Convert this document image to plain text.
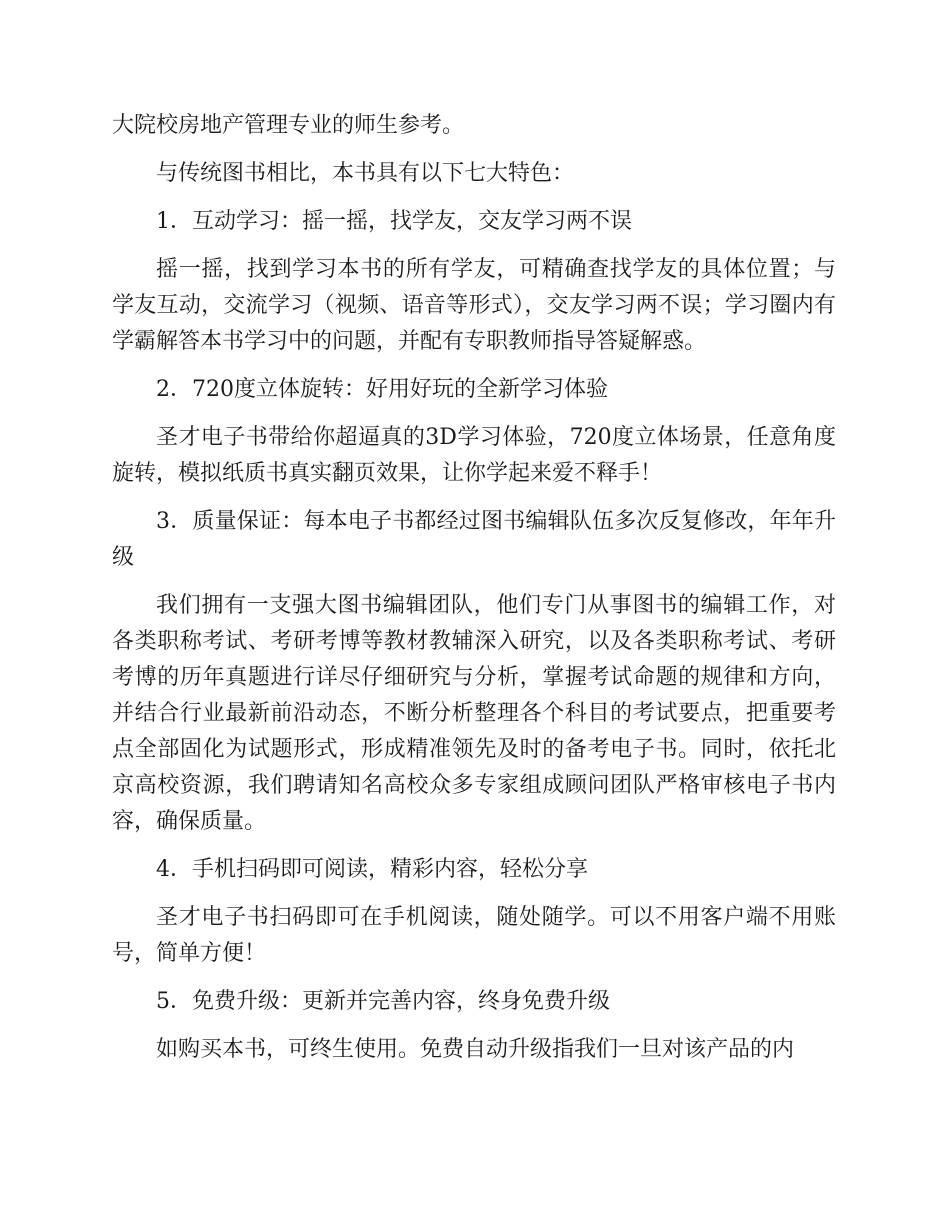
大院校房地产管理专业的师生参考。

与传统图书相比，本书具有以下七大特色：

1．互动学习：摇一摇，找学友，交友学习两不误

摇一摇，找到学习本书的所有学友，可精确查找学友的具体位置；与学友互动，交流学习（视频、语音等形式），交友学习两不误；学习圈内有学霸解答本书学习中的问题，并配有专职教师指导答疑解惑。

2．720度立体旋转：好用好玩的全新学习体验

圣才电子书带给你超逼真的3D学习体验，720度立体场景，任意角度旋转，模拟纸质书真实翻页效果，让你学起来爱不释手！

3．质量保证：每本电子书都经过图书编辑队伍多次反复修改，年年升级

我们拥有一支强大图书编辑团队，他们专门从事图书的编辑工作，对各类职称考试、考研考博等教材教辅深入研究，以及各类职称考试、考研考博的历年真题进行详尽仔细研究与分析，掌握考试命题的规律和方向，并结合行业最新前沿动态，不断分析整理各个科目的考试要点，把重要考点全部固化为试题形式，形成精准领先及时的备考电子书。同时，依托北京高校资源，我们聘请知名高校众多专家组成顾问团队严格审核电子书内容，确保质量。

4．手机扫码即可阅读，精彩内容，轻松分享

圣才电子书扫码即可在手机阅读，随处随学。可以不用客户端不用账号，简单方便！

5．免费升级：更新并完善内容，终身免费升级

如购买本书，可终生使用。免费自动升级指我们一旦对该产品的内
